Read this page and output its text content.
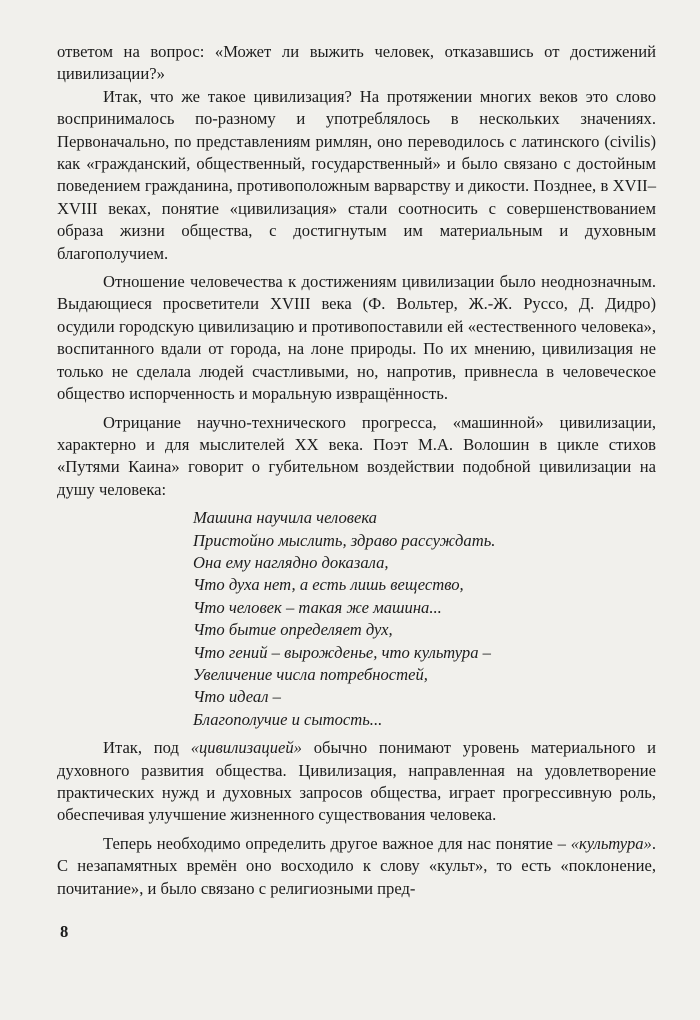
ответом на вопрос: «Может ли выжить человек, отказавшись от достижений цивилизации?»

Итак, что же такое цивилизация? На протяжении многих веков это слово воспринималось по-разному и употреблялось в нескольких значениях. Первоначально, по представлениям римлян, оно переводилось с латинского (civilis) как «гражданский, общественный, государственный» и было связано с достойным поведением гражданина, противоположным варварству и дикости. Позднее, в XVII–XVIII веках, понятие «цивилизация» стали соотносить с совершенствованием образа жизни общества, с достигнутым им материальным и духовным благополучием.

Отношение человечества к достижениям цивилизации было неоднозначным. Выдающиеся просветители XVIII века (Ф. Вольтер, Ж.-Ж. Руссо, Д. Дидро) осудили городскую цивилизацию и противопоставили ей «естественного человека», воспитанного вдали от города, на лоне природы. По их мнению, цивилизация не только не сделала людей счастливыми, но, напротив, привнесла в человеческое общество испорченность и моральную извращённость.

Отрицание научно-технического прогресса, «машинной» цивилизации, характерно и для мыслителей XX века. Поэт М.А. Волошин в цикле стихов «Путями Каина» говорит о губительном воздействии подобной цивилизации на душу человека:

Машина научила человека
Пристойно мыслить, здраво рассуждать.
Она ему наглядно доказала,
Что духа нет, а есть лишь вещество,
Что человек – такая же машина...
Что бытие определяет дух,
Что гений – вырожденье, что культура –
Увеличение числа потребностей,
Что идеал –
Благополучие и сытость...

Итак, под «цивилизацией» обычно понимают уровень материального и духовного развития общества. Цивилизация, направленная на удовлетворение практических нужд и духовных запросов общества, играет прогрессивную роль, обеспечивая улучшение жизненного существования человека.

Теперь необходимо определить другое важное для нас понятие – «культура». С незапамятных времён оно восходило к слову «культ», то есть «поклонение, почитание», и было связано с религиозными пред-

8
